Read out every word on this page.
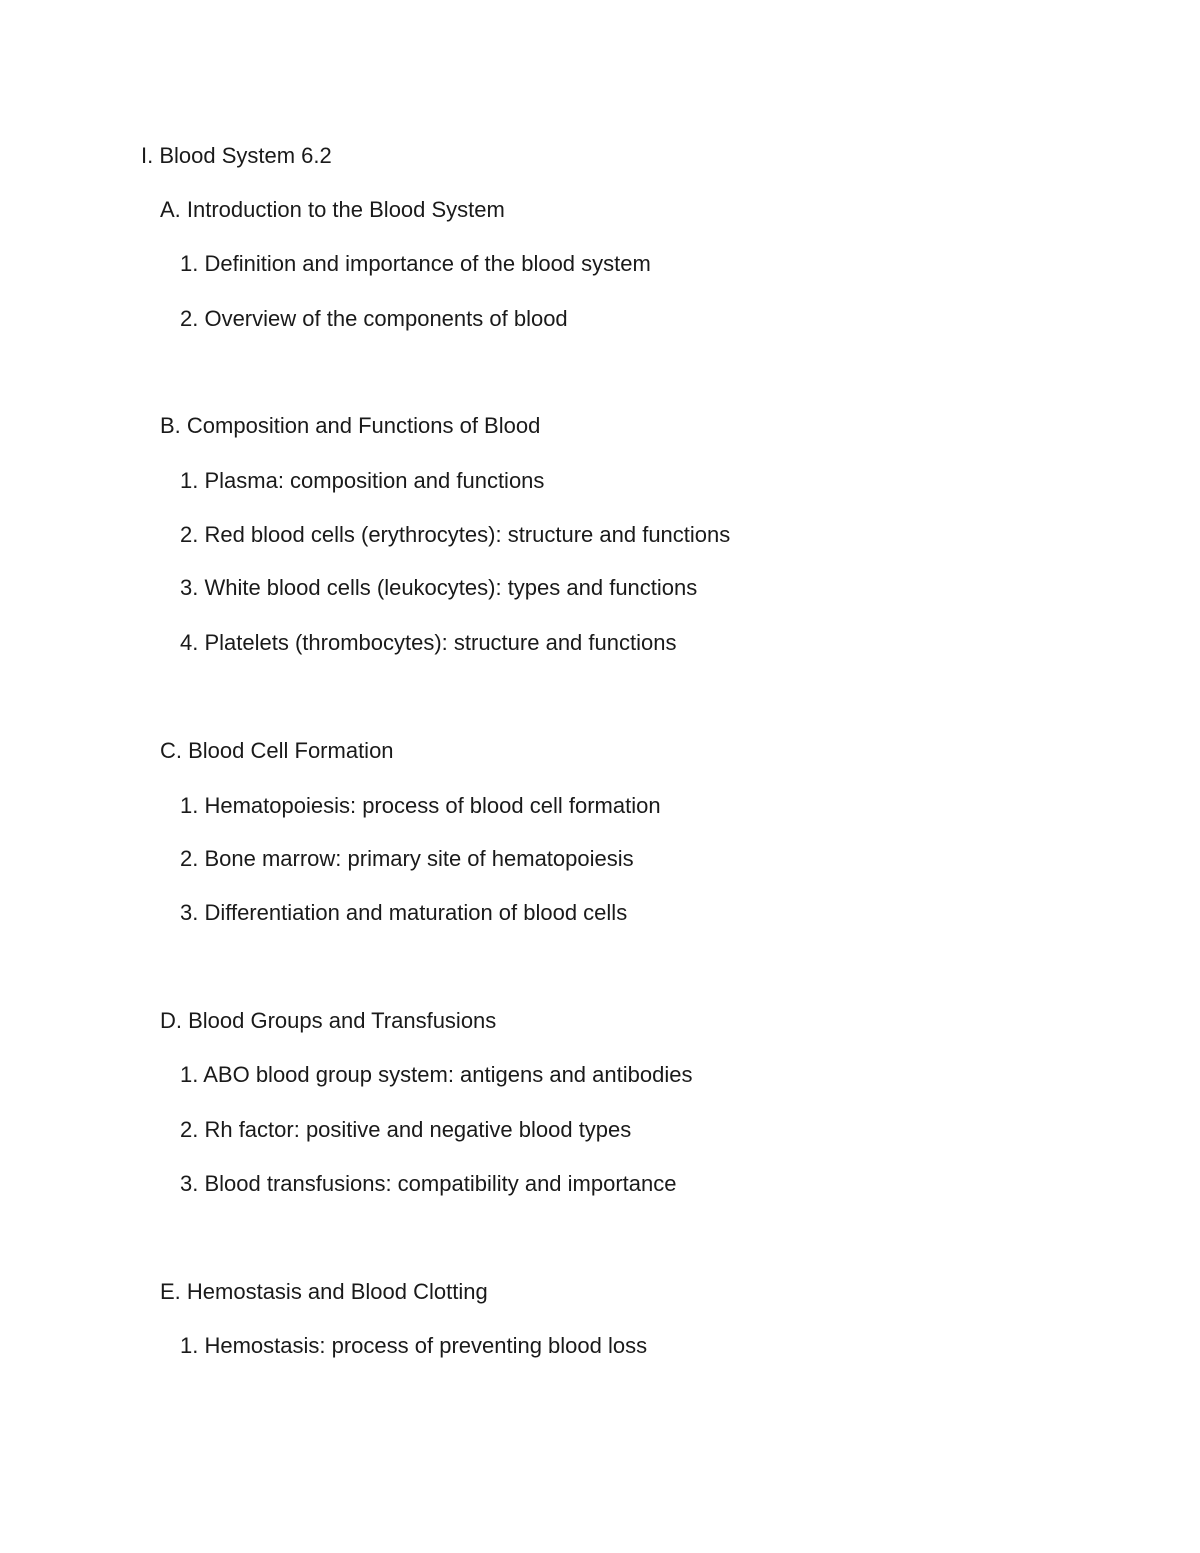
I. Blood System 6.2
A. Introduction to the Blood System
1. Definition and importance of the blood system
2. Overview of the components of blood
B. Composition and Functions of Blood
1. Plasma: composition and functions
2. Red blood cells (erythrocytes): structure and functions
3. White blood cells (leukocytes): types and functions
4. Platelets (thrombocytes): structure and functions
C. Blood Cell Formation
1. Hematopoiesis: process of blood cell formation
2. Bone marrow: primary site of hematopoiesis
3. Differentiation and maturation of blood cells
D. Blood Groups and Transfusions
1. ABO blood group system: antigens and antibodies
2. Rh factor: positive and negative blood types
3. Blood transfusions: compatibility and importance
E. Hemostasis and Blood Clotting
1. Hemostasis: process of preventing blood loss
